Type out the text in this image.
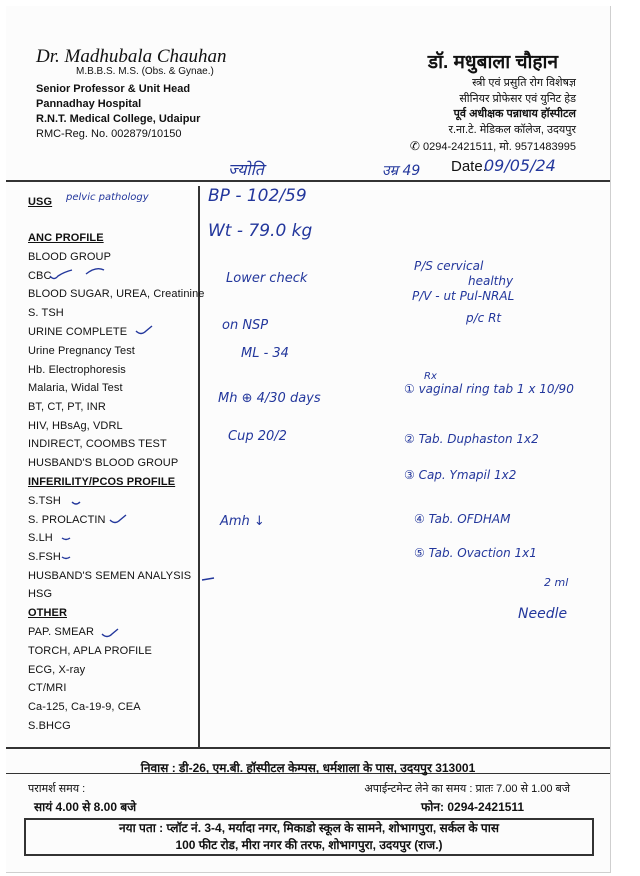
Dr. Madhubala Chauhan
M.B.B.S. M.S. (Obs. & Gynae.)
Senior Professor & Unit Head
Pannadhay Hospital
R.N.T. Medical College, Udaipur
RMC-Reg. No. 002879/10150
डॉ. मधुबाला चौहान
स्त्री एवं प्रसुति रोग विशेषज्ञ
सीनियर प्रोफेसर एवं युनिट हेड
पूर्व अधीक्षक पन्नाधाय हॉस्पीटल
र.ना.टे. मेडिकल कॉलेज, उदयपुर
✆ 0294-2421511, मो. 9571483995
ज्योति	उम्र 49 Date.
09/05/24
USG pelvic pathology
ANC PROFILE
BLOOD GROUP
CBC
BLOOD SUGAR, UREA, Creatinine
S. TSH
URINE COMPLETE
Urine Pregnancy Test
Hb. Electrophoresis
Malaria, Widal Test
BT, CT, PT, INR
HIV, HBsAg, VDRL
INDIRECT, COOMBS TEST
HUSBAND'S BLOOD GROUP
INFERILITY/PCOS PROFILE
S.TSH
S. PROLACTIN
S.LH
S.FSH
HUSBAND'S SEMEN ANALYSIS
HSG
OTHER
PAP. SMEAR
TORCH, APLA PROFILE
ECG, X-ray
CT/MRI
Ca-125, Ca-19-9, CEA
S.BHCG
BP - 102/59
Wt - 79.0 kg
Lower check
on NSP
ML - 34
Mh ⊕ 4/30 days
Cup 20/2
Amh ↓
P/S cervical
healthy
P/V - ut Pul-NRAL
p/c Rt
Rx
① vaginal ring tab 1 x 10/90
② Tab. Duphaston 1x2
③ Cap. Ymapil 1x2
④ Tab. OFDHAM
⑤ Tab. Ovaction 1x1
2 ml
Needle
निवास : डी-26, एम.बी. हॉस्पीटल केम्पस, धर्मशाला के पास, उदयपुर 313001
परामर्श समय :
सायं 4.00 से 8.00 बजे
अपाईन्टमेन्ट लेने का समय : प्रातः 7.00 से 1.00 बजे
फोन: 0294-2421511
नया पता : प्लॉट नं. 3-4, मर्यादा नगर, मिकाडो स्कूल के सामने, शोभागपुरा, सर्कल के पास
100 फीट रोड, मीरा नगर की तरफ, शोभागपुरा, उदयपुर (राज.)
